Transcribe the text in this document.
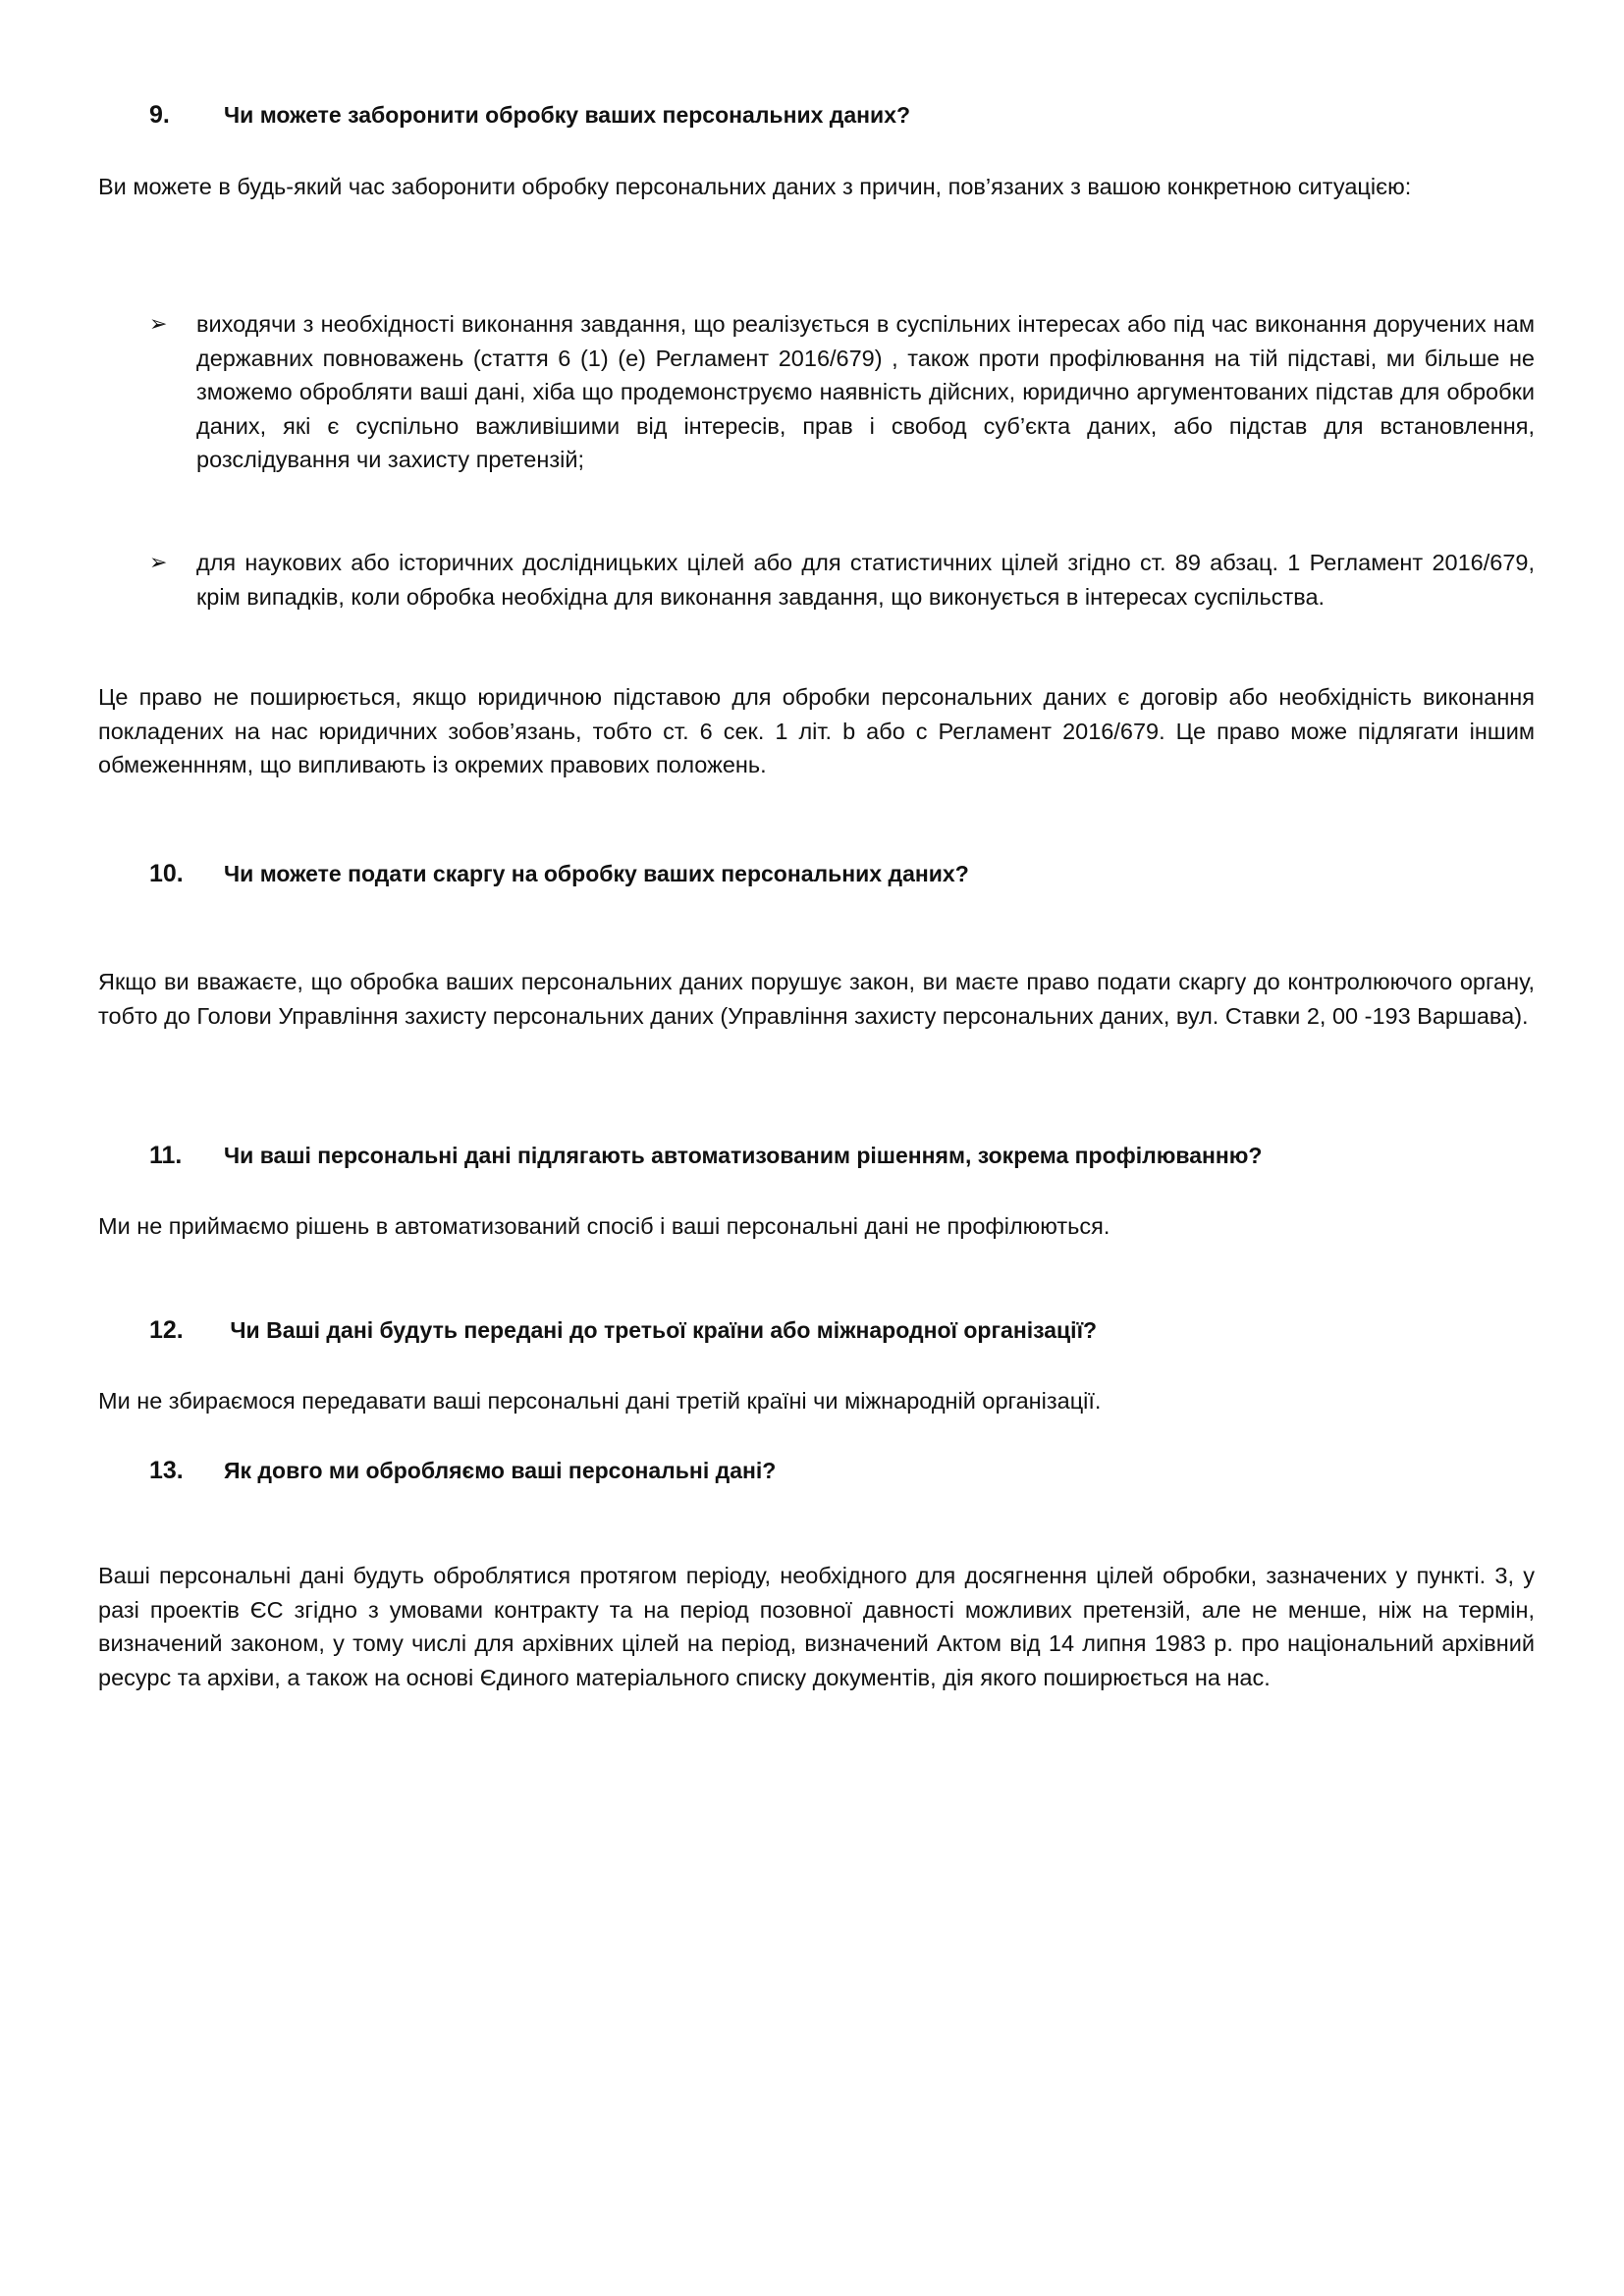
9. Чи можете заборонити обробку ваших персональних даних?
Ви можете в будь-який час заборонити обробку персональних даних з причин, пов’язаних з вашою конкретною ситуацією:
➢ виходячи з необхідності виконання завдання, що реалізується в суспільних інтересах або під час виконання доручених нам державних повноважень (стаття 6 (1) (е) Регламент 2016/679) , також проти профілювання на тій підставі, ми більше не зможемо обробляти ваші дані, хіба що продемонструємо наявність дійсних, юридично аргументованих підстав для обробки даних, які є суспільно важливішими від інтересів, прав і свобод суб’єкта даних, або підстав для встановлення, розслідування чи захисту претензій;
➢ для наукових або історичних дослідницьких цілей або для статистичних цілей згідно ст. 89 абзац. 1 Регламент 2016/679, крім випадків, коли обробка необхідна для виконання завдання, що виконується в інтересах суспільства.
Це право не поширюється, якщо юридичною підставою для обробки персональних даних є договір або необхідність виконання покладених на нас юридичних зобов’язань, тобто ст. 6 сек. 1 літ. b або с Регламент 2016/679. Це право може підлягати іншим обмеженнням, що випливають із окремих правових положень.
10. Чи можете подати скаргу на обробку ваших персональних даних?
Якщо ви вважаєте, що обробка ваших персональних даних порушує закон, ви маєте право подати скаргу до контролюючого органу, тобто до Голови Управління захисту персональних даних (Управління захисту персональних даних, вул. Ставки 2, 00 -193 Варшава).
11. Чи ваші персональні дані підлягають автоматизованим рішенням, зокрема профілюванню?
Ми не приймаємо рішень в автоматизований спосіб і ваші персональні дані не профілюються.
12. Чи Ваші дані будуть передані до третьої країни або міжнародної організації?
Ми не збираємося передавати ваші персональні дані третій країні чи міжнародній організації.
13. Як довго ми обробляємо ваші персональні дані?
Ваші персональні дані будуть оброблятися протягом періоду, необхідного для досягнення цілей обробки, зазначених у пункті. 3, у разі проектів ЄС згідно з умовами контракту та на період позовної давності можливих претензій, але не менше, ніж на термін, визначений законом, у тому числі для архівних цілей на період, визначений Актом від 14 липня 1983 р. про національний архівний ресурс та архіви, а також на основі Єдиного матеріального списку документів, дія якого поширюється на нас.
